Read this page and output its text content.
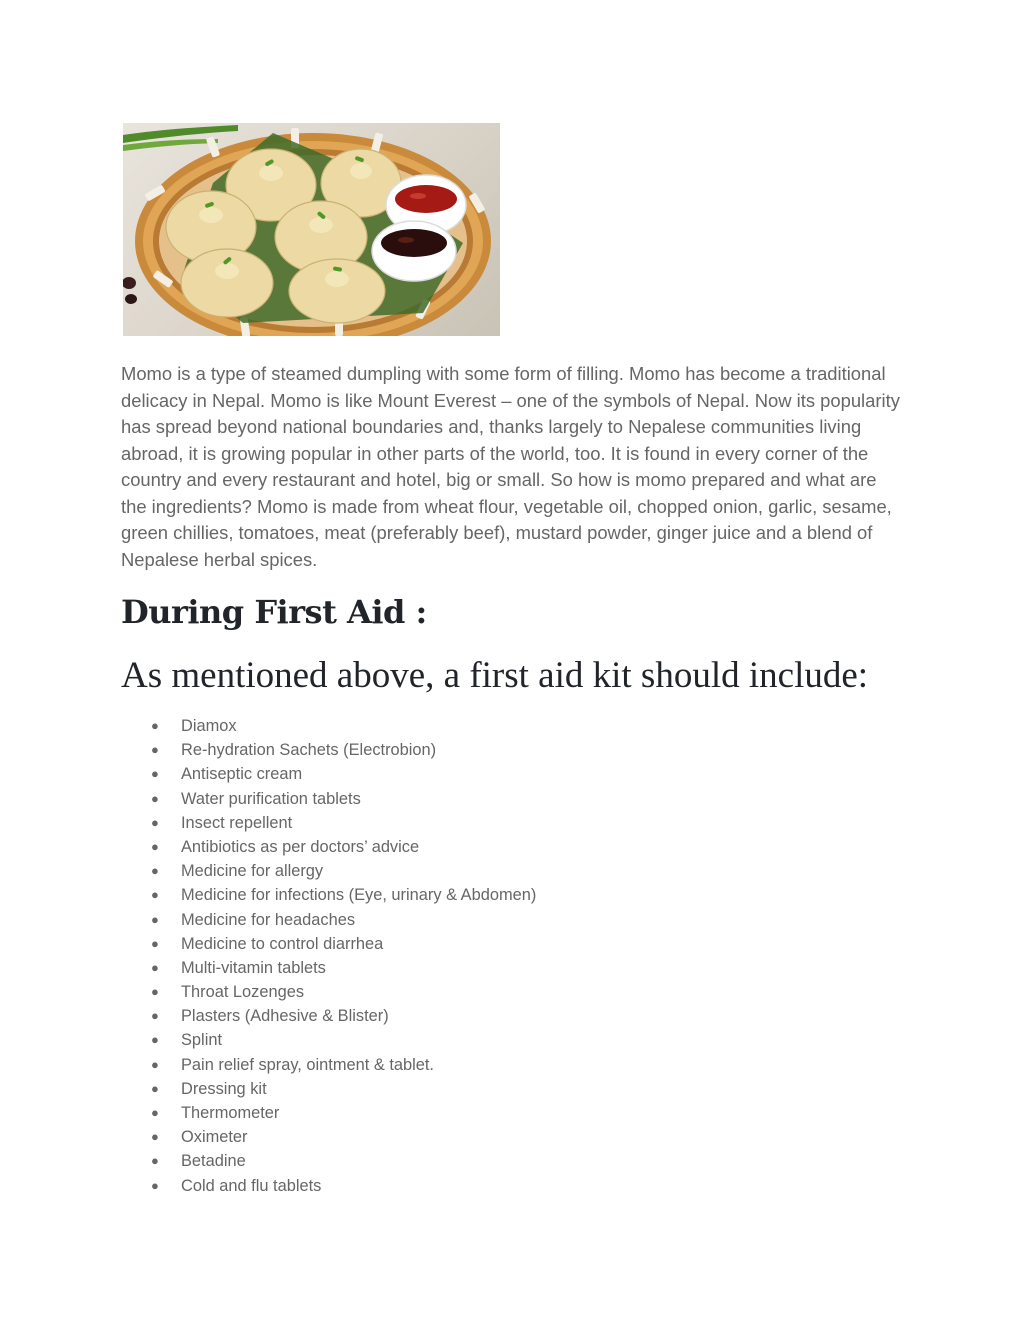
Momo is a type of steamed dumpling with some form of filling. Momo has become a traditional delicacy in Nepal. Momo is like Mount Everest – one of the symbols of Nepal. Now its popularity has spread beyond national boundaries and, thanks largely to Nepalese communities living abroad, it is growing popular in other parts of the world, too. It is found in every corner of the country and every restaurant and hotel, big or small. So how is momo prepared and what are the ingredients? Momo is made from wheat flour, vegetable oil, chopped onion, garlic, sesame, green chillies, tomatoes, meat (preferably beef), mustard powder, ginger juice and a blend of Nepalese herbal spices.

During First Aid :
As mentioned above, a first aid kit should include:
● Diamox
● Re-hydration Sachets (Electrobion)
● Antiseptic cream
● Water purification tablets
● Insect repellent
● Antibiotics as per doctors’ advice
● Medicine for allergy
● Medicine for infections (Eye, urinary & Abdomen)
● Medicine for headaches
● Medicine to control diarrhea
● Multi-vitamin tablets
● Throat Lozenges
● Plasters (Adhesive & Blister)
● Splint
● Pain relief spray, ointment & tablet.
● Dressing kit
● Thermometer
● Oximeter
● Betadine
● Cold and flu tablets
